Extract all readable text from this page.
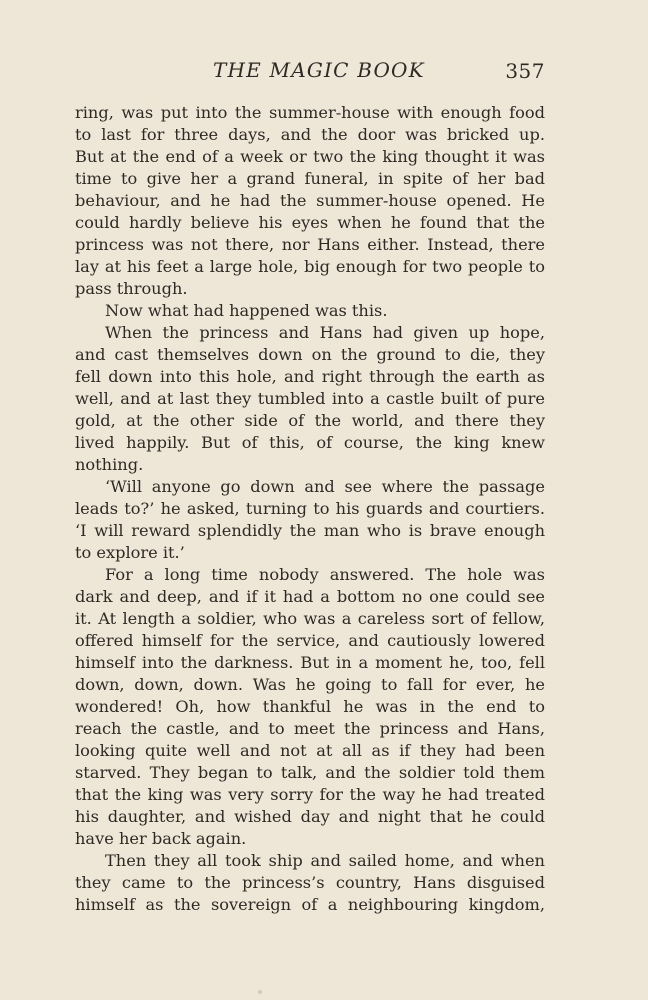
THE MAGIC BOOK	357
ring, was put into the summer-house with enough food
to last for three days, and the door was bricked up.
But at the end of a week or two the king thought it was
time to give her a grand funeral, in spite of her bad
behaviour, and he had the summer-house opened. He
could hardly believe his eyes when he found that the
princess was not there, nor Hans either. Instead, there
lay at his feet a large hole, big enough for two people to
pass through.
Now what had happened was this.
When the princess and Hans had given up hope,
and cast themselves down on the ground to die, they
fell down into this hole, and right through the earth as
well, and at last they tumbled into a castle built of pure
gold, at the other side of the world, and there they
lived happily. But of this, of course, the king knew
nothing.
‘Will anyone go down and see where the passage
leads to?’ he asked, turning to his guards and courtiers.
‘I will reward splendidly the man who is brave enough
to explore it.’
For a long time nobody answered. The hole was
dark and deep, and if it had a bottom no one could see
it. At length a soldier, who was a careless sort of fellow,
offered himself for the service, and cautiously lowered
himself into the darkness. But in a moment he, too, fell
down, down, down. Was he going to fall for ever, he
wondered! Oh, how thankful he was in the end to
reach the castle, and to meet the princess and Hans,
looking quite well and not at all as if they had been
starved. They began to talk, and the soldier told them
that the king was very sorry for the way he had treated
his daughter, and wished day and night that he could
have her back again.
Then they all took ship and sailed home, and when
they came to the princess’s country, Hans disguised
himself as the sovereign of a neighbouring kingdom,
